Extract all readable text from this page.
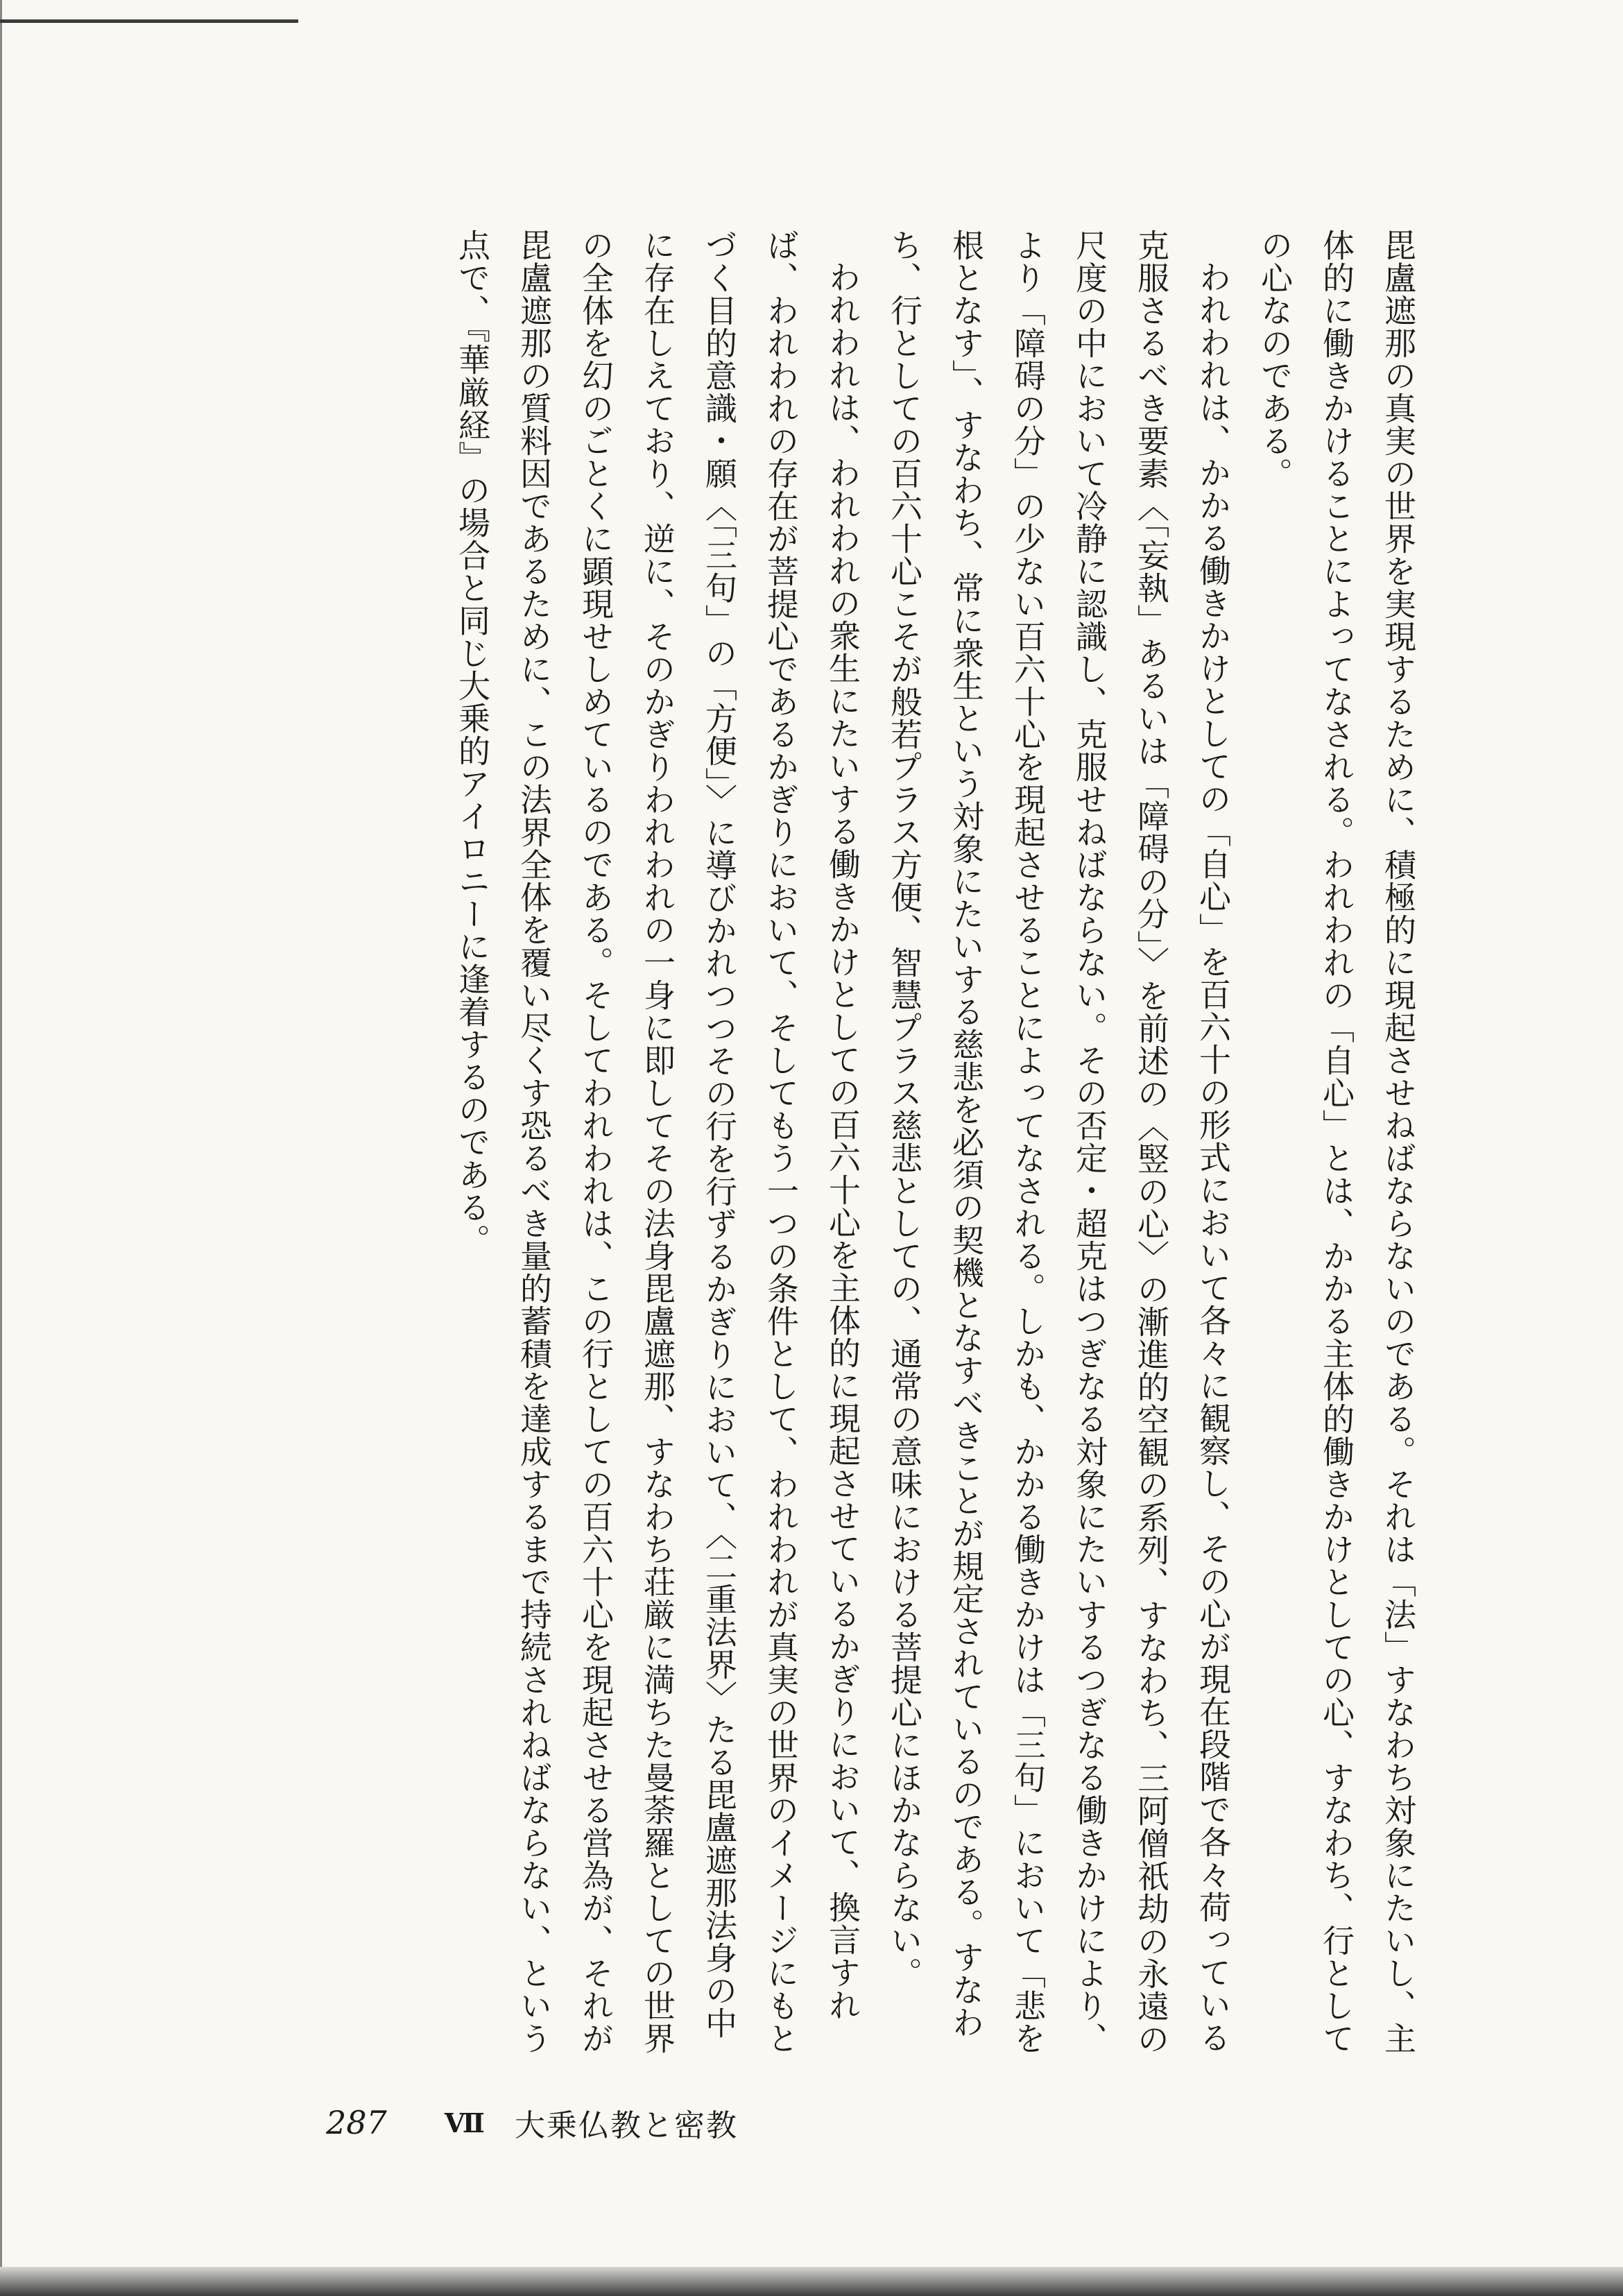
毘盧遮那の真実の世界を実現するために、積極的に現起させねばならないのである。それは「法」すなわち対象にたいし、主体的に働きかけることによってなされる。われわれの「自心」とは、かかる主体的働きかけとしての心、すなわち、行としての心なのである。

われわれは、かかる働きかけとしての「自心」を百六十の形式において各々に観察し、その心が現在段階で各々荷っている克服さるべき要素〈「妄執」あるいは「障碍の分」〉を前述の〈竪の心〉の漸進的空観の系列、すなわち、三阿僧祇劫の永遠の尺度の中において冷静に認識し、克服せねばならない。その否定・超克はつぎなる対象にたいするつぎなる働きかけにより、より「障碍の分」の少ない百六十心を現起させることによってなされる。しかも、かかる働きかけは「三句」において「悲を根となす」、すなわち、常に衆生という対象にたいする慈悲を必須の契機となすべきことが規定されているのである。すなわち、行としての百六十心こそが般若プラス方便、智慧プラス慈悲としての、通常の意味における菩提心にほかならない。

われわれは、われわれの衆生にたいする働きかけとしての百六十心を主体的に現起させているかぎりにおいて、換言すれば、われわれの存在が菩提心であるかぎりにおいて、そしてもう一つの条件として、われわれが真実の世界のイメージにもとづく目的意識・願〈「三句」の「方便」〉に導びかれつつその行を行ずるかぎりにおいて、〈二重法界〉たる毘盧遮那法身の中に存在しえており、逆に、そのかぎりわれわれの一身に即してその法身毘盧遮那、すなわち荘厳に満ちた曼荼羅としての世界の全体を幻のごとくに顕現せしめているのである。そしてわれわれは、この行としての百六十心を現起させる営為が、それが毘盧遮那の質料因であるために、この法界全体を覆い尽くす恐るべき量的蓄積を達成するまで持続されねばならない、という点で、『華厳経』の場合と同じ大乗的アイロニーに逢着するのである。

287 Ⅶ 大乗仏教と密教
